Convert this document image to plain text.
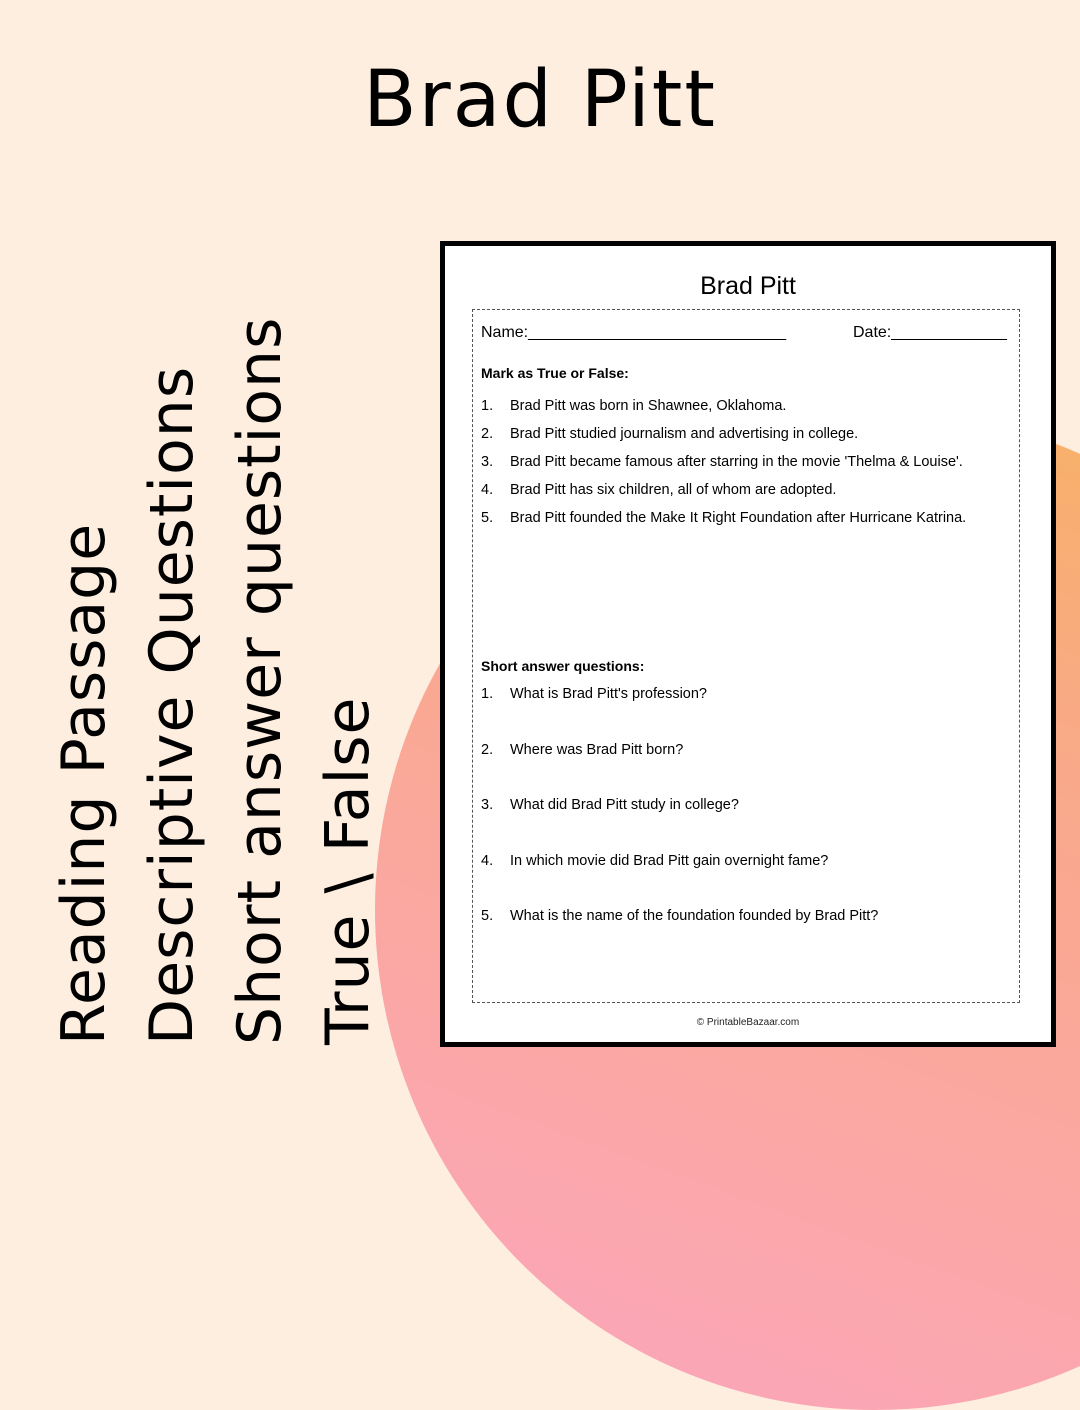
Brad Pitt
Reading Passage Descriptive Questions Short answer questions True \ False
Brad Pitt
Name:_____________________________	Date:_____________
Mark as True or False:
1. Brad Pitt was born in Shawnee, Oklahoma.
2. Brad Pitt studied journalism and advertising in college.
3. Brad Pitt became famous after starring in the movie 'Thelma & Louise'.
4. Brad Pitt has six children, all of whom are adopted.
5. Brad Pitt founded the Make It Right Foundation after Hurricane Katrina.
Short answer questions:
1. What is Brad Pitt's profession?
2. Where was Brad Pitt born?
3. What did Brad Pitt study in college?
4. In which movie did Brad Pitt gain overnight fame?
5. What is the name of the foundation founded by Brad Pitt?
© PrintableBazaar.com
